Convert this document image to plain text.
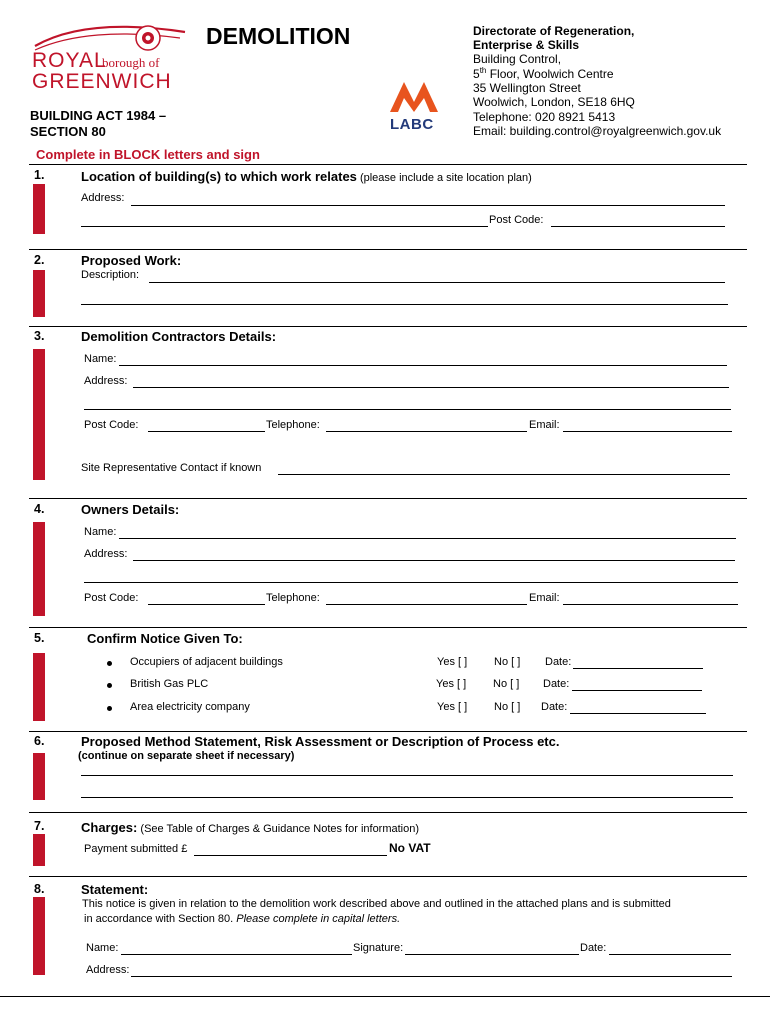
ROYAL
borough of
GREENWICH
DEMOLITION
BUILDING ACT 1984 –
SECTION 80	LABC
Directorate of Regeneration,
Enterprise & Skills
Building Control,
5th Floor, Woolwich Centre
35 Wellington Street
Woolwich, London, SE18 6HQ
Telephone: 020 8921 5413
Email: building.control@royalgreenwich.gov.uk
Complete in BLOCK letters and sign
1.	Location of building(s) to which work relates (please include a site location plan)
Address:
Post Code:
2.	Proposed Work:
Description:
3.	Demolition Contractors Details:
Name:
Address:
Post Code:	Telephone:	Email:
Site Representative Contact if known
4.	Owners Details:
Name:
Address:
Post Code:	Telephone:	Email:
5.	Confirm Notice Given To:
Occupiers of adjacent buildings	Yes [ ] No [ ] Date:
British Gas PLC	Yes [ ] No [ ] Date:
Area electricity company	Yes [ ] No [ ] Date:
6.	Proposed Method Statement, Risk Assessment or Description of Process etc.
(continue on separate sheet if necessary)
7.	Charges: (See Table of Charges & Guidance Notes for information)
Payment submitted £	No VAT
8.	Statement:
This notice is given in relation to the demolition work described above and outlined in the attached plans and is submitted
in accordance with Section 80. Please complete in capital letters.
Name:	Signature:	Date:
Address:
